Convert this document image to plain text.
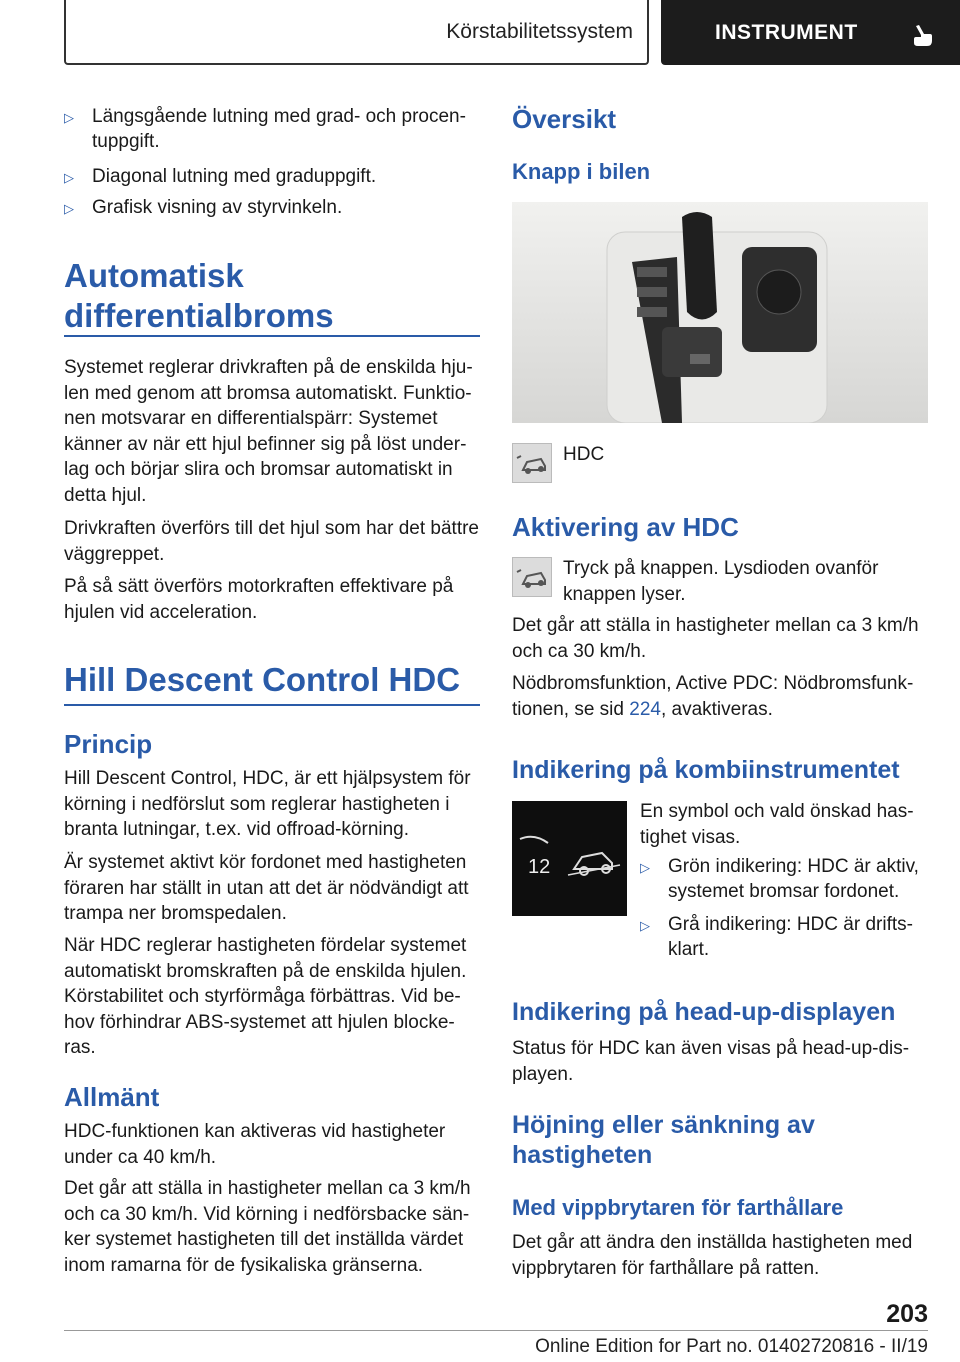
Körstabilitetssystem	INSTRUMENT
▷ Längsgående lutning med grad- och procen-tuppgift.
▷ Diagonal lutning med graduppgift.
▷ Grafisk visning av styrvinkeln.
Automatisk differentialbroms
Systemet reglerar drivkraften på de enskilda hju-len med genom att bromsa automatiskt. Funktio-nen motsvarar en differentialspärr: Systemet känner av när ett hjul befinner sig på löst under-lag och börjar slira och bromsar automatiskt in detta hjul.
Drivkraften överförs till det hjul som har det bättre väggreppet.
På så sätt överförs motorkraften effektivare på hjulen vid acceleration.
Hill Descent Control HDC
Princip
Hill Descent Control, HDC, är ett hjälpsystem för körning i nedförslut som reglerar hastigheten i branta lutningar, t.ex. vid offroad-körning.
Är systemet aktivt kör fordonet med hastigheten föraren har ställt in utan att det är nödvändigt att trampa ner bromspedalen.
När HDC reglerar hastigheten fördelar systemet automatiskt bromskraften på de enskilda hjulen. Körstabilitet och styrförmåga förbättras. Vid be-hov förhindrar ABS-systemet att hjulen blocke-ras.
Allmänt
HDC-funktionen kan aktiveras vid hastigheter under ca 40 km/h.
Det går att ställa in hastigheter mellan ca 3 km/h och ca 30 km/h. Vid körning i nedförsbacke sän-ker systemet hastigheten till det inställda värdet inom ramarna för de fysikaliska gränserna.
Översikt
Knapp i bilen
HDC
Aktivering av HDC
Tryck på knappen. Lysdioden ovanför knappen lyser.
Det går att ställa in hastigheter mellan ca 3 km/h och ca 30 km/h.
Nödbromsfunktion, Active PDC: Nödbromsfunk-tionen, se sid 224, avaktiveras.
Indikering på kombiinstrumentet
12
En symbol och vald önskad has-tighet visas.
▷ Grön indikering: HDC är aktiv, systemet bromsar fordonet.
▷ Grå indikering: HDC är drifts-klart.
Indikering på head-up-displayen
Status för HDC kan även visas på head-up-dis-playen.
Höjning eller sänkning av hastigheten
Med vippbrytaren för farthållare
Det går att ändra den inställda hastigheten med vippbrytaren för farthållare på ratten.
203
Online Edition for Part no. 01402720816 - II/19
